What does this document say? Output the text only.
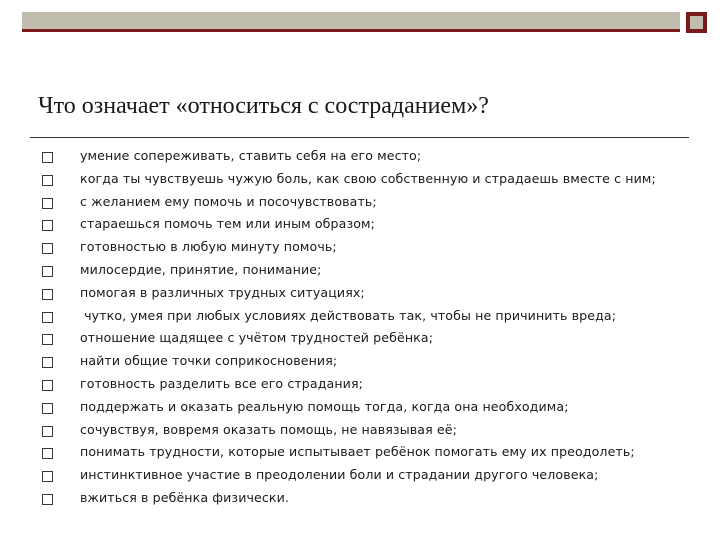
Что означает «относиться с состраданием»?
умение сопереживать, ставить себя на его место;
когда ты чувствуешь чужую боль, как свою собственную и страдаешь вместе с ним;
с желанием ему помочь и посочувствовать;
стараешься помочь тем или иным образом;
готовностью в любую минуту помочь;
милосердие, принятие, понимание;
помогая в различных трудных ситуациях;
чутко, умея при любых условиях действовать так, чтобы не причинить вреда;
отношение щадящее с учётом трудностей ребёнка;
найти общие точки соприкосновения;
готовность разделить все его страдания;
поддержать и оказать реальную помощь тогда, когда она необходима;
сочувствуя, вовремя оказать помощь, не навязывая её;
понимать трудности, которые испытывает ребёнок помогать ему их преодолеть;
инстинктивное участие в преодолении боли и страдании другого человека;
вжиться в ребёнка физически.
